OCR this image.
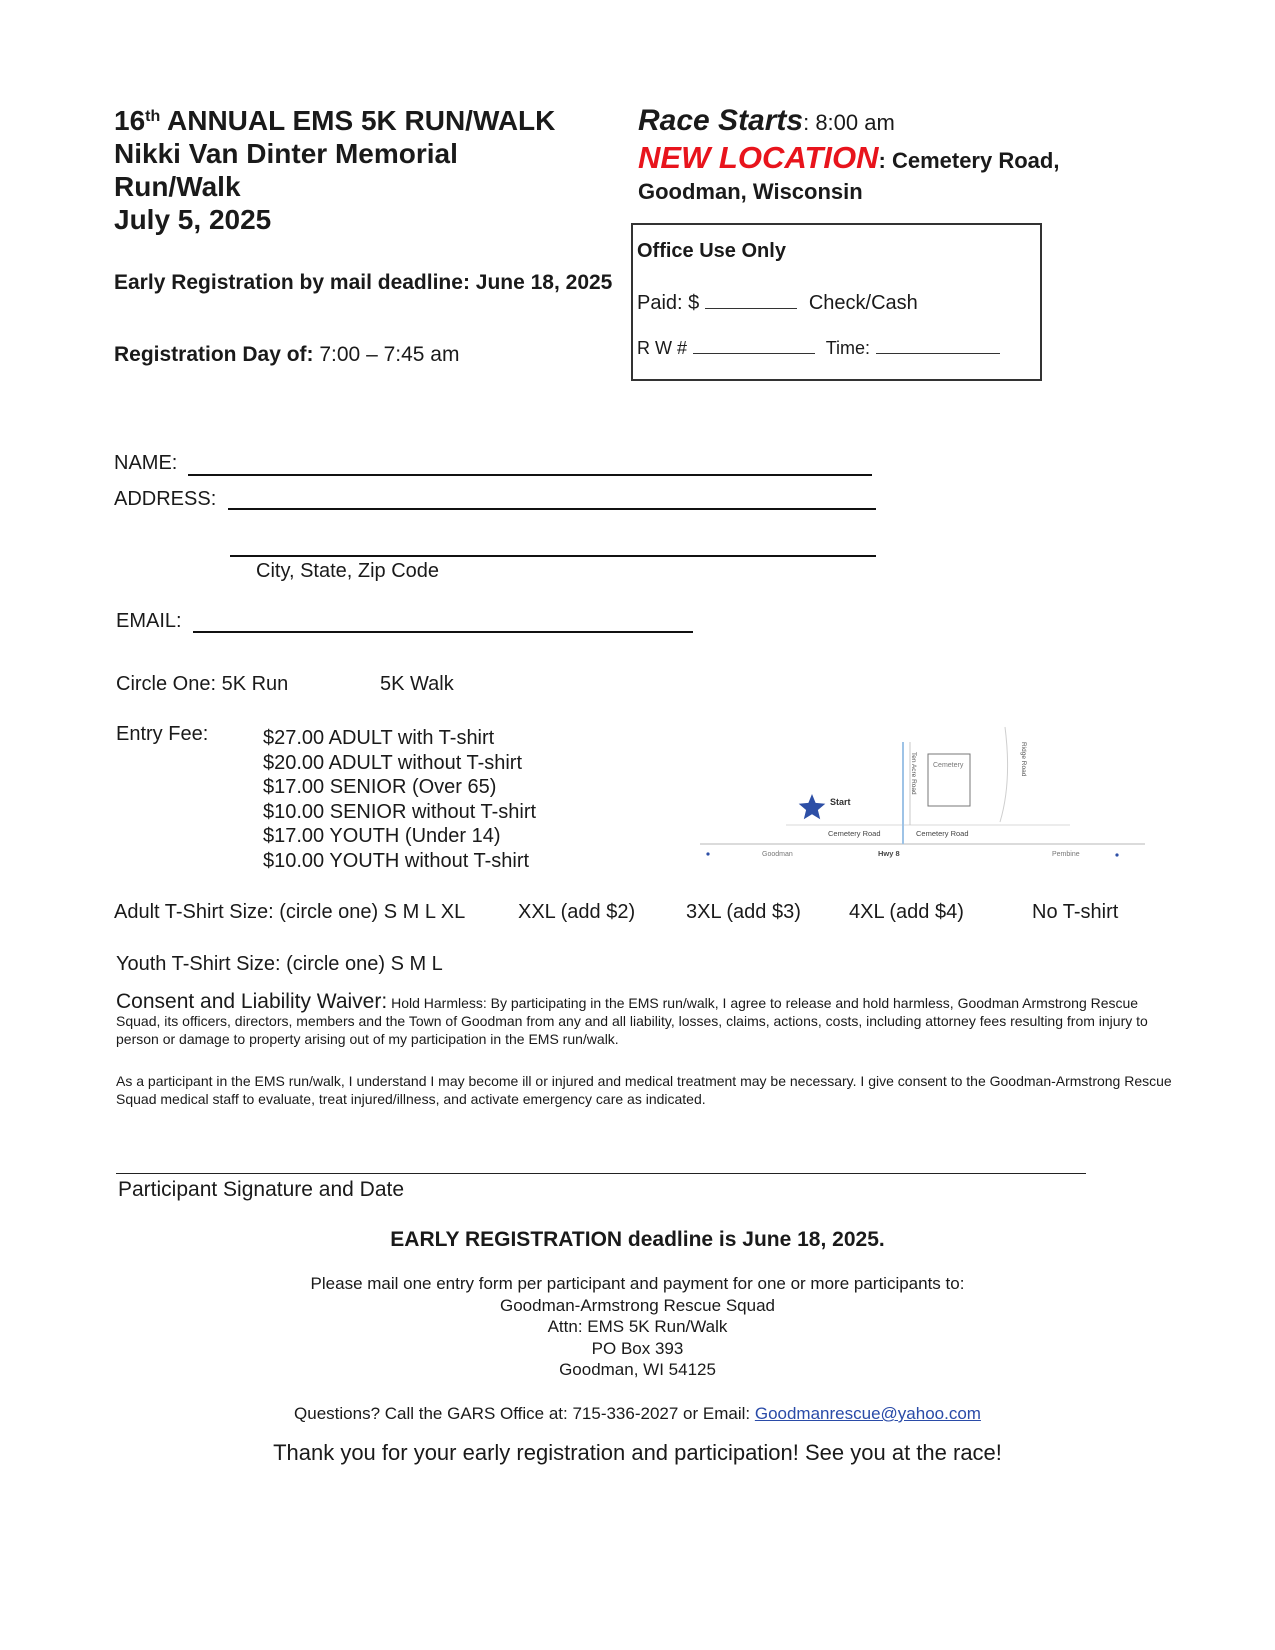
16th ANNUAL EMS 5K RUN/WALK
Nikki Van Dinter Memorial
Run/Walk
July 5, 2025
Early Registration by mail deadline: June 18, 2025
Registration Day of: 7:00 – 7:45 am
Race Starts: 8:00 am
NEW LOCATION: Cemetery Road,
Goodman, Wisconsin
Office Use Only
Paid: $	Check/Cash
R W #	Time:
NAME:
ADDRESS:
City, State, Zip Code
EMAIL:
Circle One: 5K Run	5K Walk
Entry Fee:	$27.00 ADULT with T-shirt
$20.00 ADULT without T-shirt
$17.00 SENIOR (Over 65)
$10.00 SENIOR without T-shirt
$17.00 YOUTH (Under 14)
$10.00 YOUTH without T-shirt
Start
Cemetery
Cemetery Road	Cemetery Road
Ten Acre Road	Ridge Road
Goodman	Hwy 8	Pembine
Adult T-Shirt Size: (circle one) S M L XL	XXL (add $2)	3XL (add $3) 4XL (add $4)	No T-shirt
Youth T-Shirt Size: (circle one) S M L
Consent and Liability Waiver: Hold Harmless: By participating in the EMS run/walk, I agree to release and hold harmless, Goodman Armstrong Rescue Squad, its officers, directors, members and the Town of Goodman from any and all liability, losses, claims, actions, costs, including attorney fees resulting from injury to person or damage to property arising out of my participation in the EMS run/walk.
As a participant in the EMS run/walk, I understand I may become ill or injured and medical treatment may be necessary. I give consent to the Goodman-Armstrong Rescue Squad medical staff to evaluate, treat injured/illness, and activate emergency care as indicated.
Participant Signature and Date
EARLY REGISTRATION deadline is June 18, 2025.
Please mail one entry form per participant and payment for one or more participants to:
Goodman-Armstrong Rescue Squad
Attn: EMS 5K Run/Walk
PO Box 393
Goodman, WI 54125
Questions? Call the GARS Office at: 715-336-2027 or Email: Goodmanrescue@yahoo.com
Thank you for your early registration and participation! See you at the race!
